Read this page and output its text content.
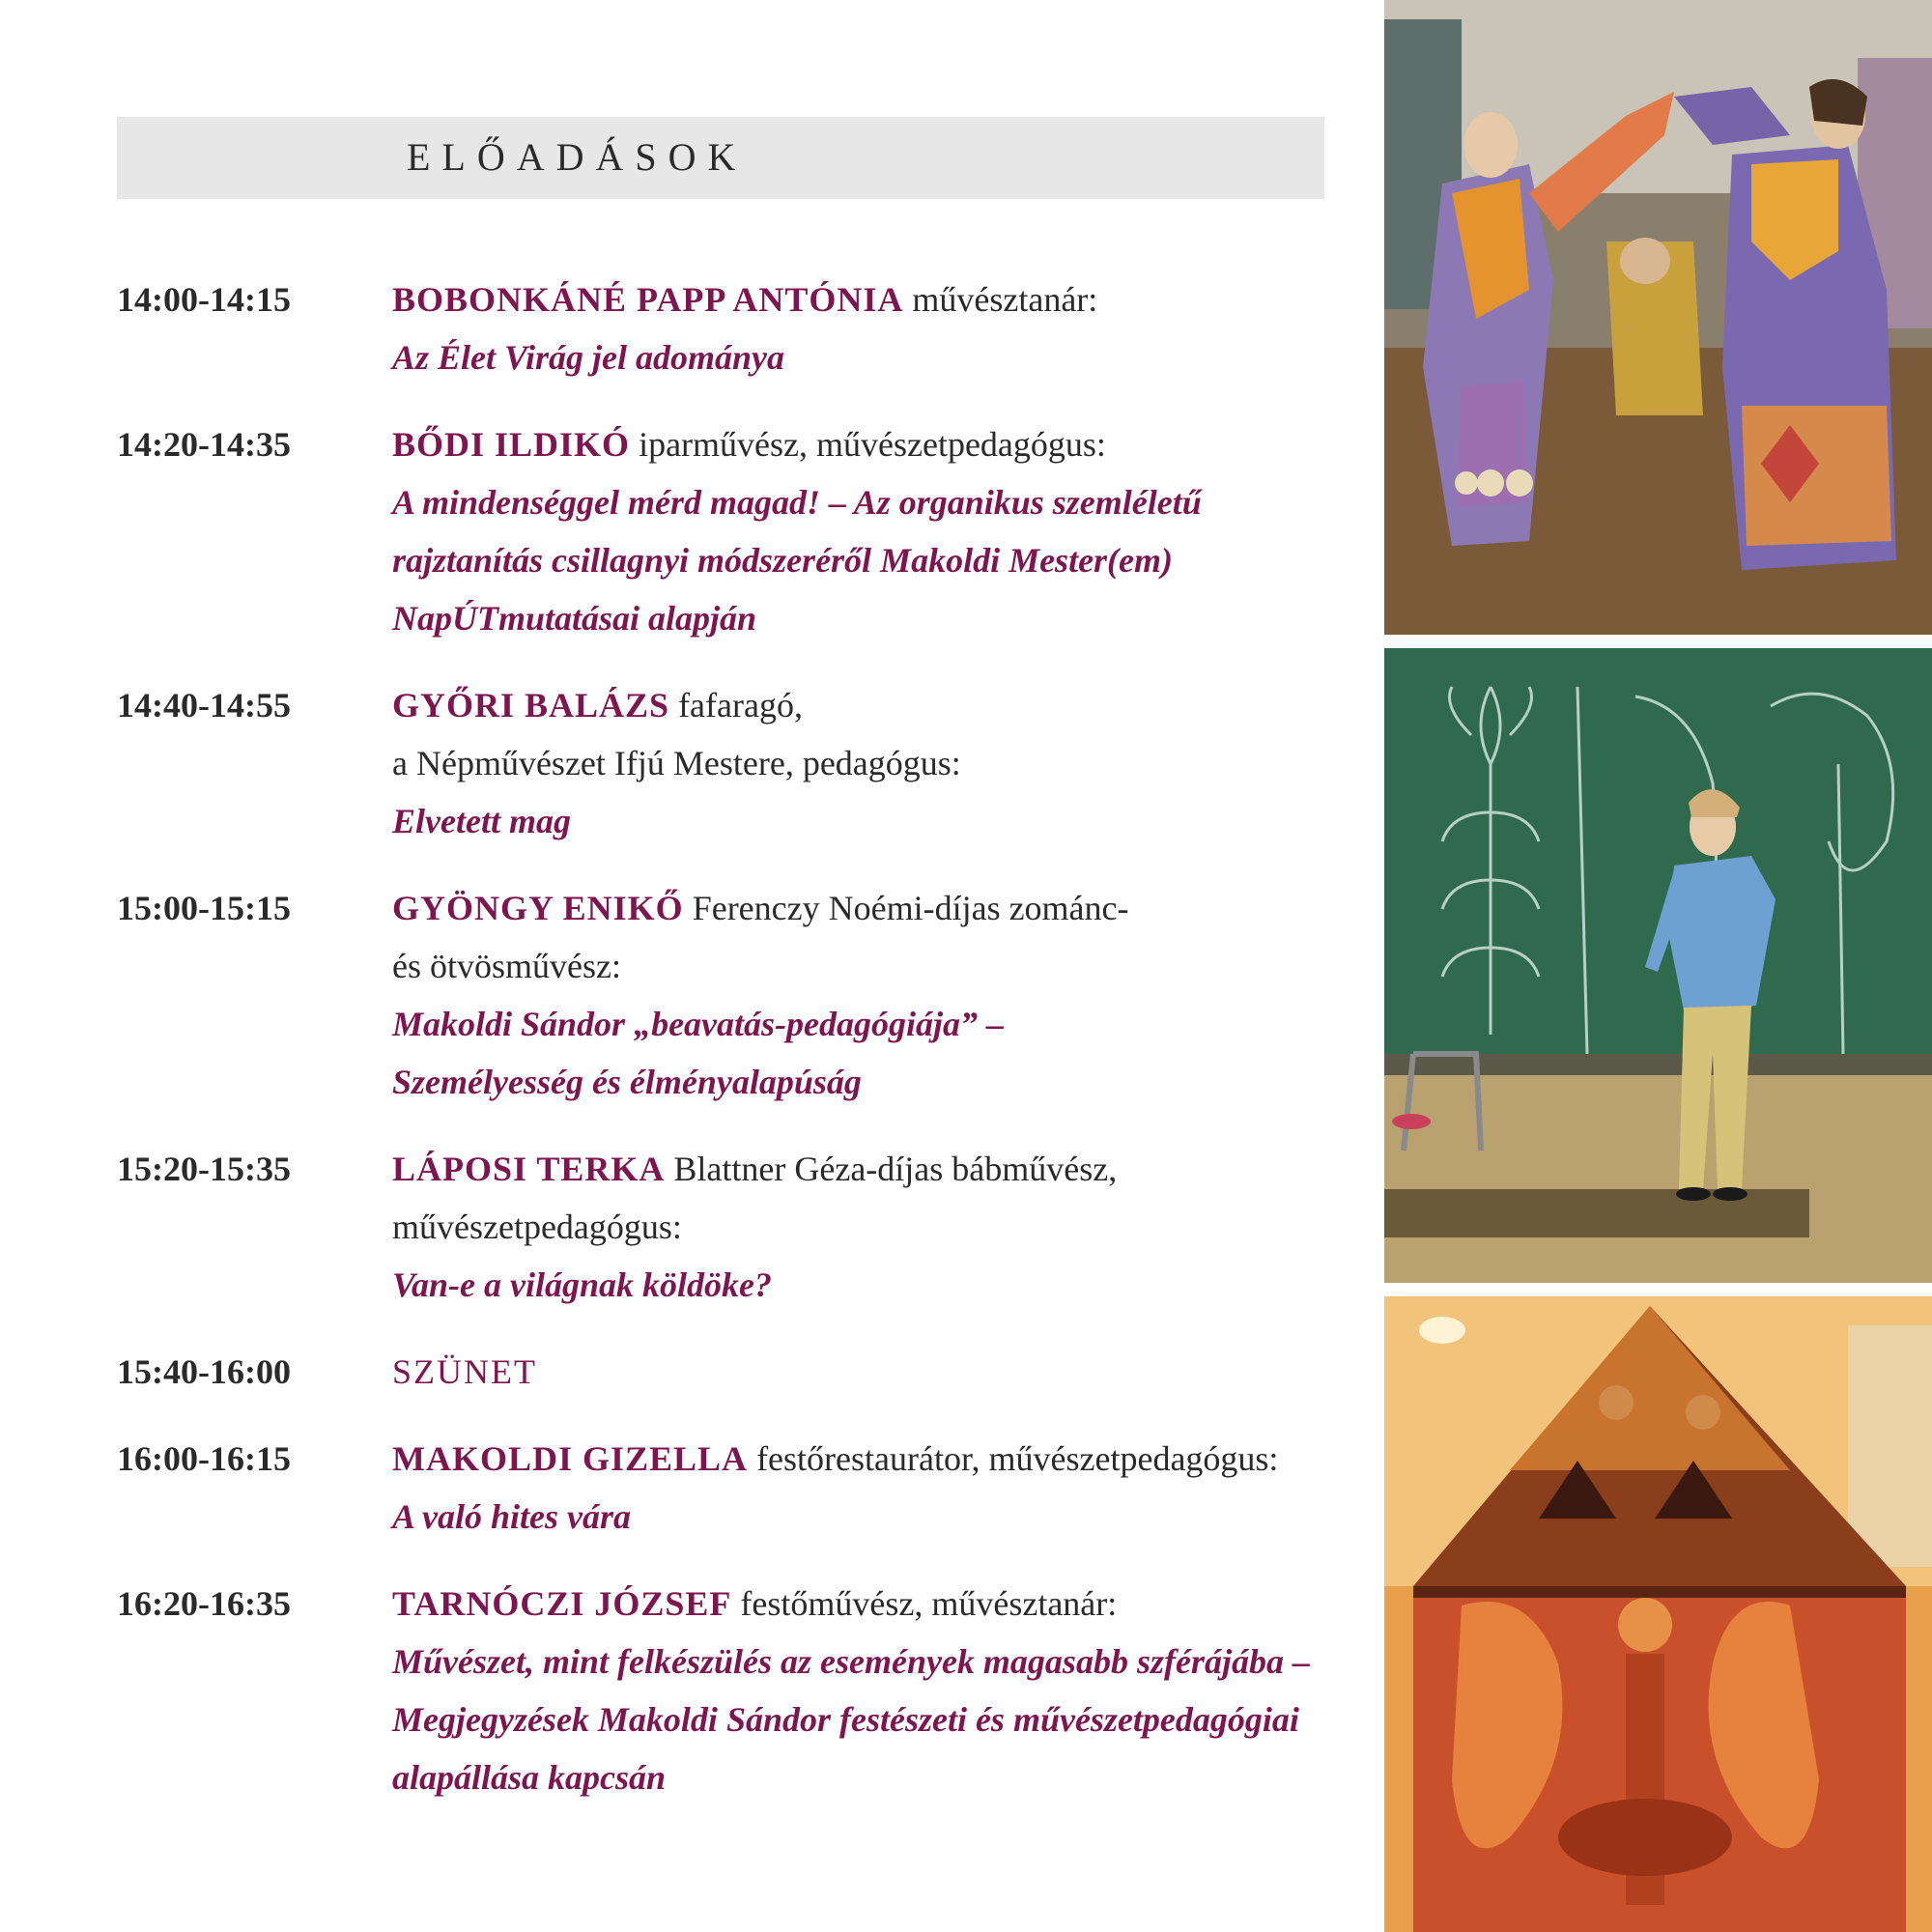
ELŐADÁSOK
14:00-14:15	BOBONKÁNÉ PAPP ANTÓNIA művésztanár:
Az Élet Virág jel adománya
14:20-14:35	BŐDI ILDIKÓ iparművész, művészetpedagógus:
A mindenséggel mérd magad! – Az organikus szemléletű
rajztanítás csillagnyi módszeréről Makoldi Mester(em)
NapÚTmutatásai alapján
14:40-14:55	GYŐRI BALÁZS fafaragó,
a Népművészet Ifjú Mestere, pedagógus:
Elvetett mag
15:00-15:15	GYÖNGY ENIKŐ Ferenczy Noémi-díjas zománc-
és ötvösművész:
Makoldi Sándor „beavatás-pedagógiája” –
Személyesség és élményalapúság
15:20-15:35	LÁPOSI TERKA Blattner Géza-díjas bábművész,
művészetpedagógus:
Van-e a világnak köldöke?
15:40-16:00	SZÜNET
16:00-16:15	MAKOLDI GIZELLA festőrestaurátor, művészetpedagógus:
A való hites vára
16:20-16:35	TARNÓCZI JÓZSEF festőművész, művésztanár:
Művészet, mint felkészülés az események magasabb szférájába –
Megjegyzések Makoldi Sándor festészeti és művészetpedagógiai
alapállása kapcsán
